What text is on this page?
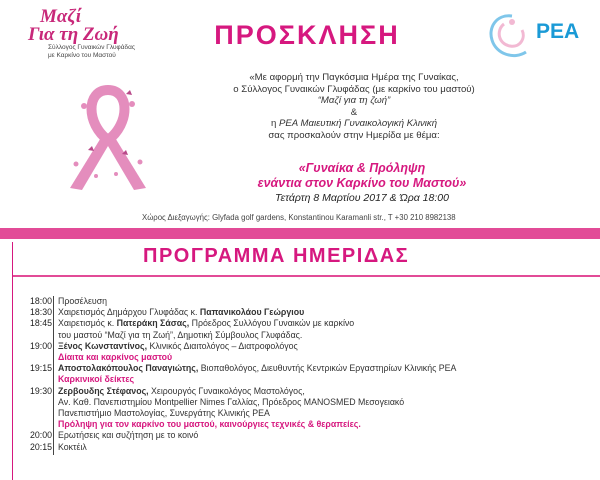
Μαζί
Για τη Ζωή
Σύλλογος Γυναικών Γλυφάδας
με Καρκίνο του Μαστού
ΠΡΟΣΚΛΗΣΗ	ΡΕΑ
«Με αφορμή την Παγκόσμια Ημέρα της Γυναίκας,
ο Σύλλογος Γυναικών Γλυφάδας (με καρκίνο του μαστού)
“Μαζί για τη ζωή”
&
η ΡΕΑ Μαιευτική Γυναικολογική Κλινική
σας προσκαλούν στην Ημερίδα με θέμα:
«Γυναίκα & Πρόληψη
ενάντια στον Καρκίνο του Μαστού»
Τετάρτη 8 Μαρτίου 2017 & Ώρα 18:00
Χώρος Διεξαγωγής: Glyfada golf gardens, Konstantinou Karamanli str., T +30 210 8982138
ΠΡΟΓΡΑΜΜΑ ΗΜΕΡΙΔΑΣ
18:00 Προσέλευση
18:30 Χαιρετισμός Δημάρχου Γλυφάδας κ. Παπανικολάου Γεώργιου
18:45 Χαιρετισμός κ. Πατεράκη Σάσας, Πρόεδρος Συλλόγου Γυναικών με καρκίνο
του μαστού “Μαζί για τη Ζωή”, Δημοτική Σύμβουλος Γλυφάδας.
19:00 Ξένος Κωνσταντίνος, Κλινικός Διαιτολόγος – Διατροφολόγος
Δίαιτα και καρκίνος μαστού
19:15 Αποστολακόπουλος Παναγιώτης, Βιοπαθολόγος, Διευθυντής Κεντρικών Εργαστηρίων Κλινικής ΡΕΑ
Καρκινικοί δείκτες
19:30 Ζερβουδης Στέφανος, Χειρουργός Γυναικολόγος Μαστολόγος,
Αν. Καθ. Πανεπιστημίου Montpellier Nimes Γαλλίας, Πρόεδρος MANOSMED Μεσογειακό
Πανεπιστήμιο Μαστολογίας, Συνεργάτης Κλινικής ΡΕΑ
Πρόληψη για τον καρκίνο του μαστού, καινούργιες τεχνικές & θεραπείες.
20:00 Ερωτήσεις και συζήτηση με το κοινό
20:15 Κοκτέιλ
